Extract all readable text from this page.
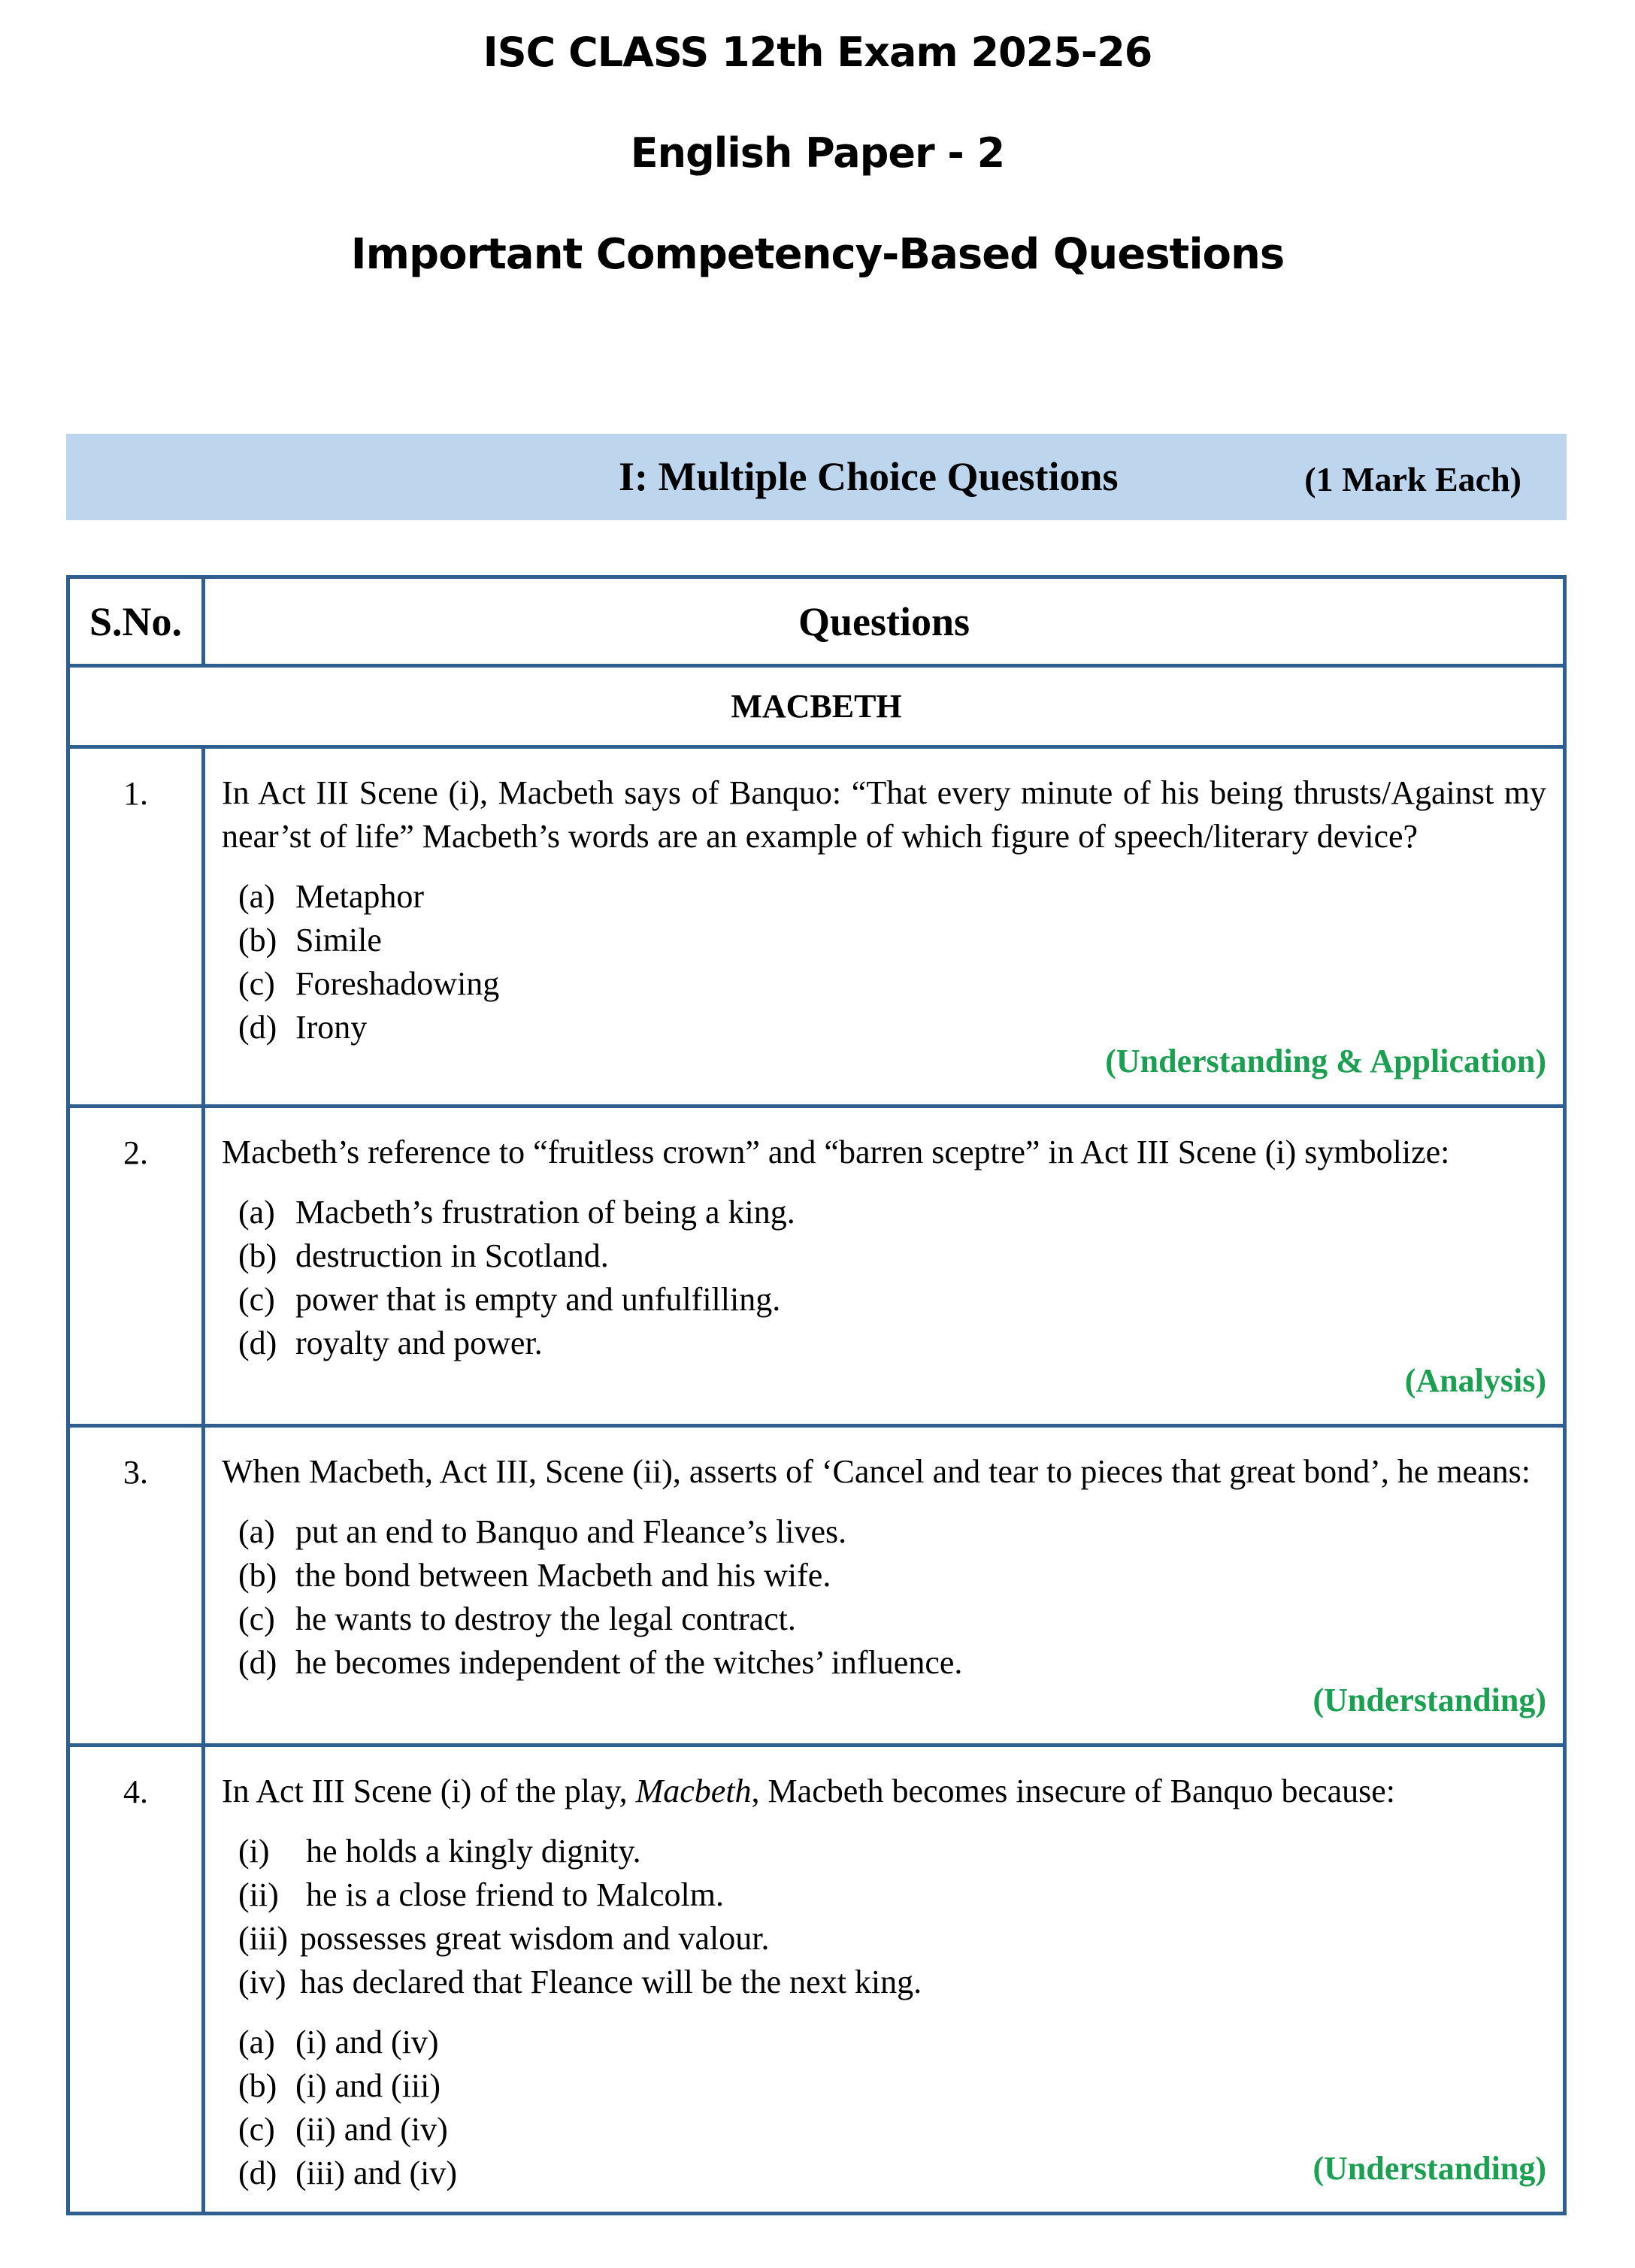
ISC CLASS 12th Exam 2025-26
English Paper - 2
Important Competency-Based Questions
I: Multiple Choice Questions	(1 Mark Each)
S.No.	Questions
MACBETH	
1.	In Act III Scene (i), Macbeth says of Banquo: “That every minute of his being thrusts/Against my near’st of life” Macbeth’s words are an example of which figure of speech/literary device?
(a) Metaphor
(b) Simile
(c) Foreshadowing
(d) Irony
(Understanding & Application)

2.	Macbeth’s reference to “fruitless crown” and “barren sceptre” in Act III Scene (i) symbolize:
(a) Macbeth’s frustration of being a king.
(b) destruction in Scotland.
(c) power that is empty and unfulfilling.
(d) royalty and power.
(Analysis)

3.	When Macbeth, Act III, Scene (ii), asserts of ‘Cancel and tear to pieces that great bond’, he means:
(a) put an end to Banquo and Fleance’s lives.
(b) the bond between Macbeth and his wife.
(c) he wants to destroy the legal contract.
(d) he becomes independent of the witches’ influence.
(Understanding)

4.	In Act III Scene (i) of the play, Macbeth, Macbeth becomes insecure of Banquo because:
(i)	he holds a kingly dignity.
(ii) he is a close friend to Malcolm.
(iii) possesses great wisdom and valour.
(iv) has declared that Fleance will be the next king.
(a) (i) and (iv)
(b) (i) and (iii)
(c) (ii) and (iv)
(d) (iii) and (iv)	(Understanding)
